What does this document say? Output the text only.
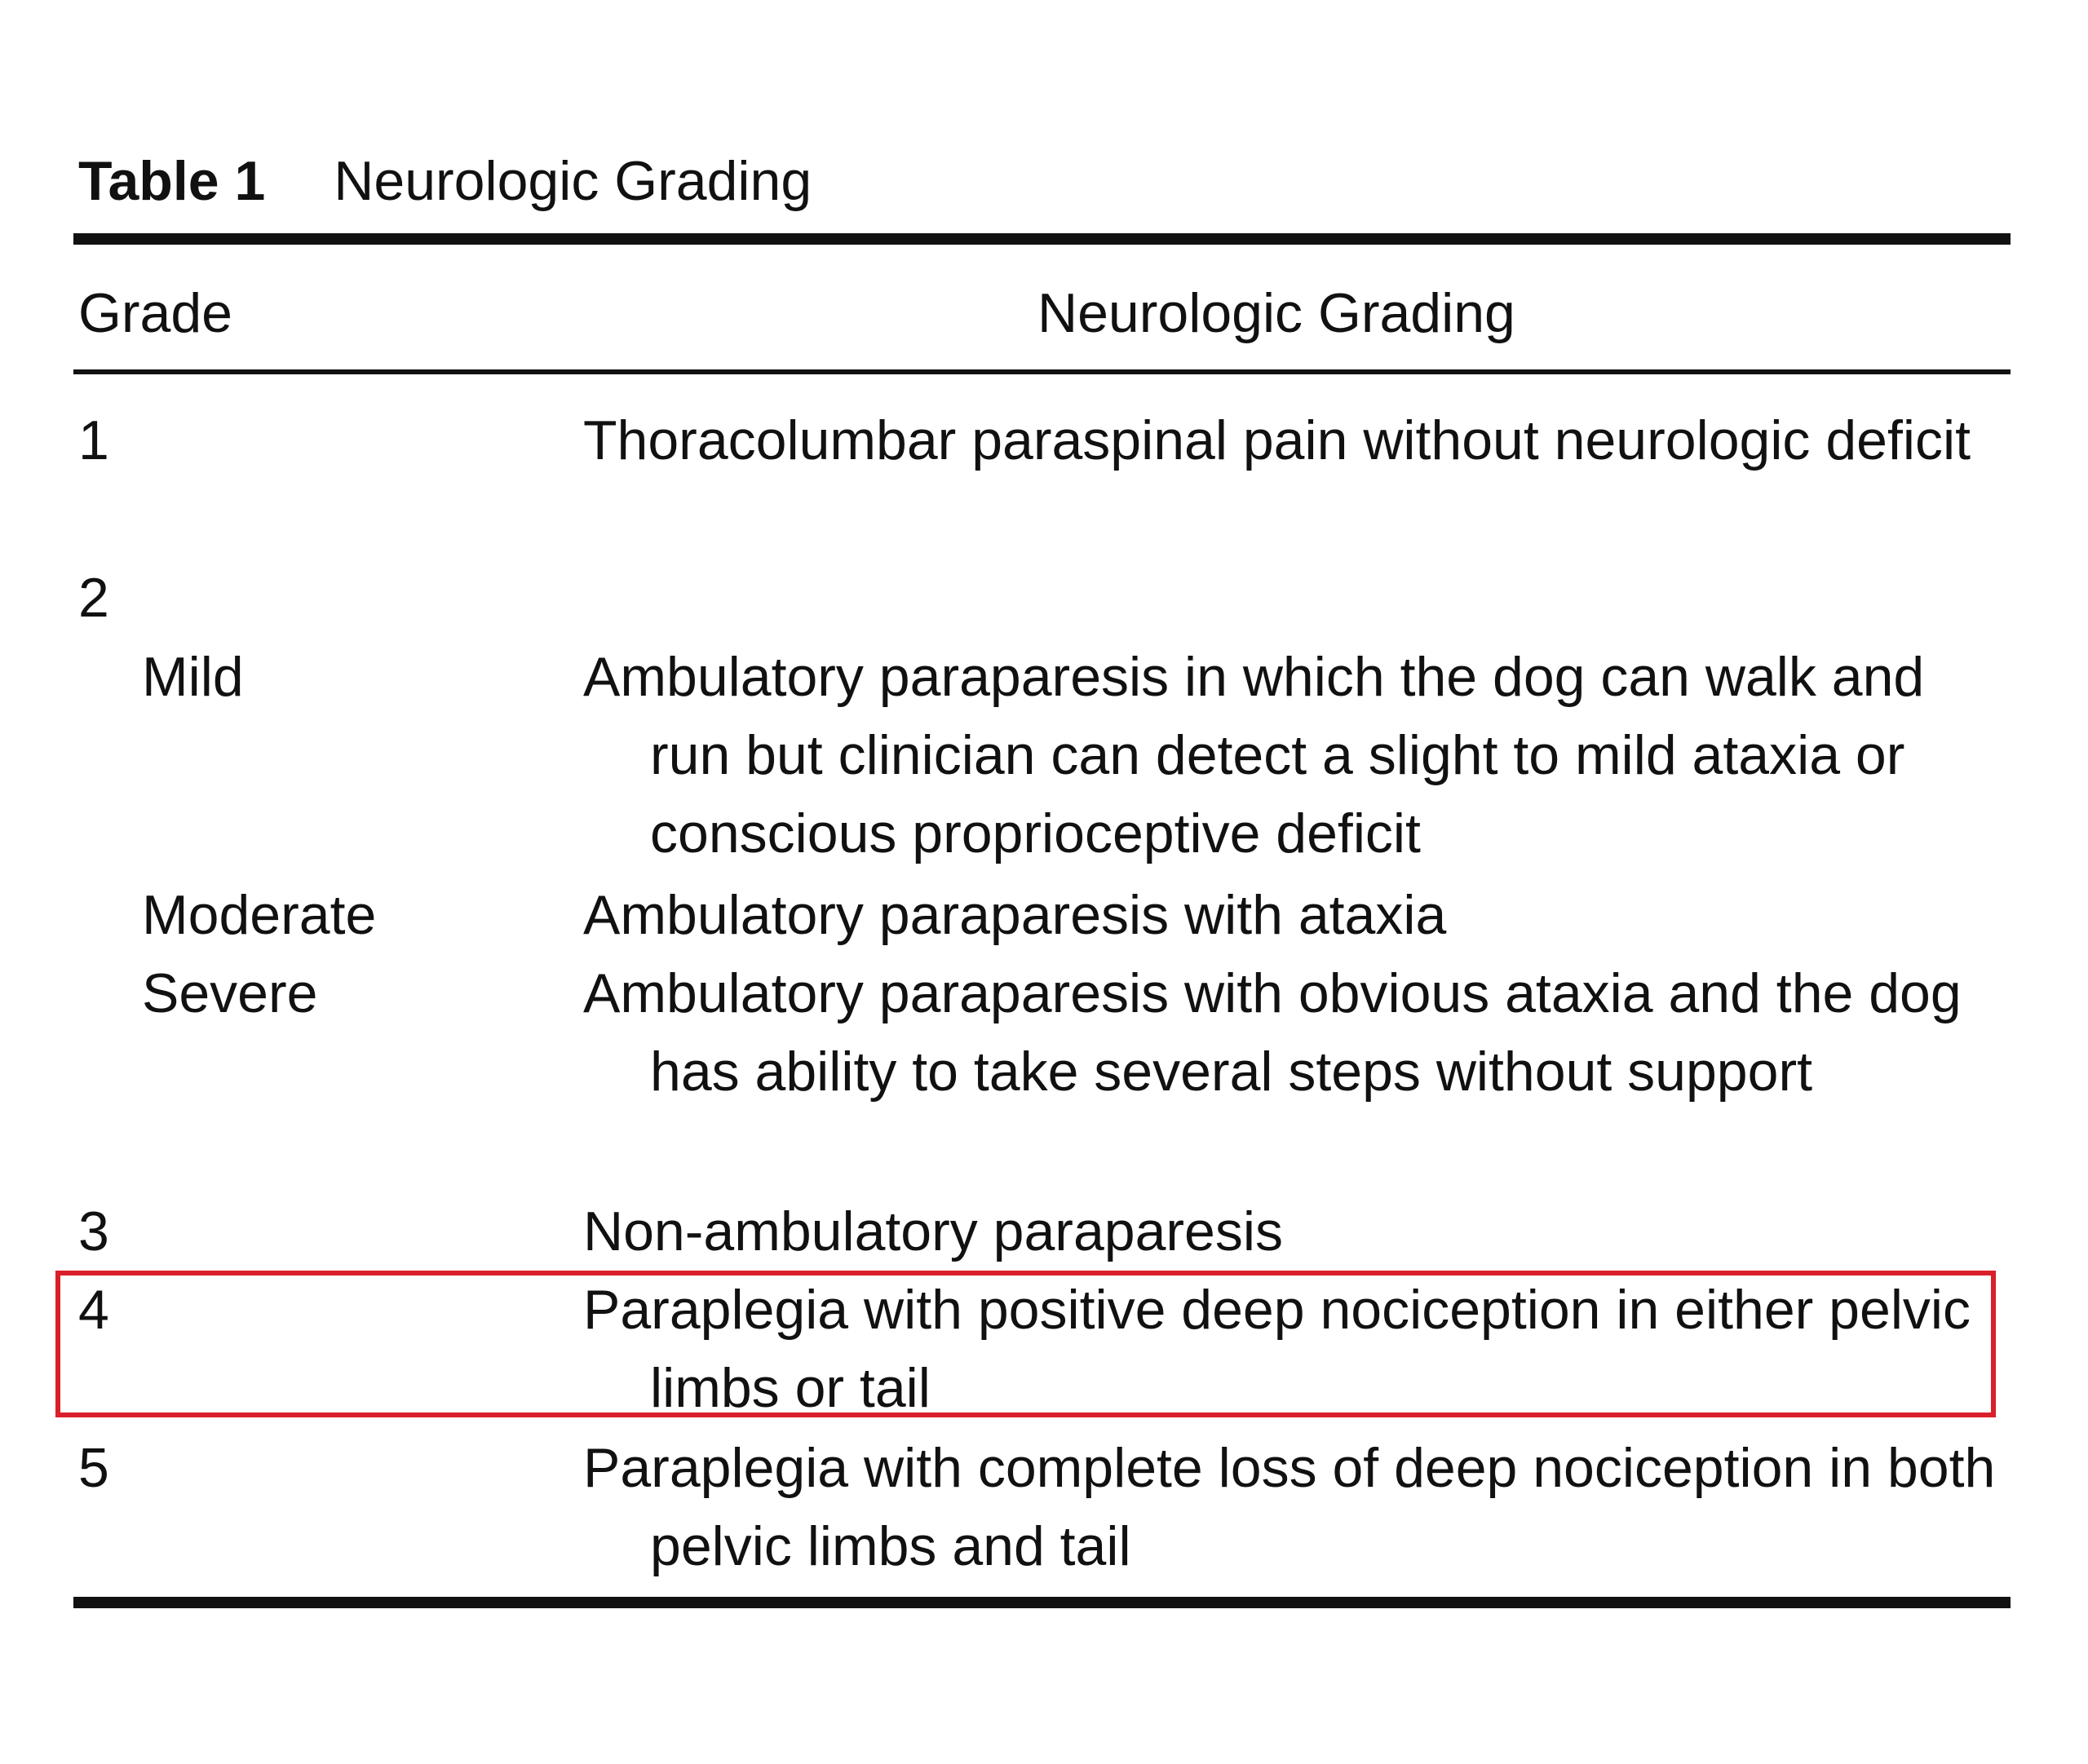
Table 1 Neurologic Grading
Grade	Neurologic Grading
1	Thoracolumbar paraspinal pain without neurologic deficit
2
Mild	Ambulatory paraparesis in which the dog can walk and run but clinician can detect a slight to mild ataxia or conscious proprioceptive deficit
Moderate	Ambulatory paraparesis with ataxia
Severe	Ambulatory paraparesis with obvious ataxia and the dog has ability to take several steps without support
3	Non-ambulatory paraparesis
4	Paraplegia with positive deep nociception in either pelvic limbs or tail
5	Paraplegia with complete loss of deep nociception in both pelvic limbs and tail
